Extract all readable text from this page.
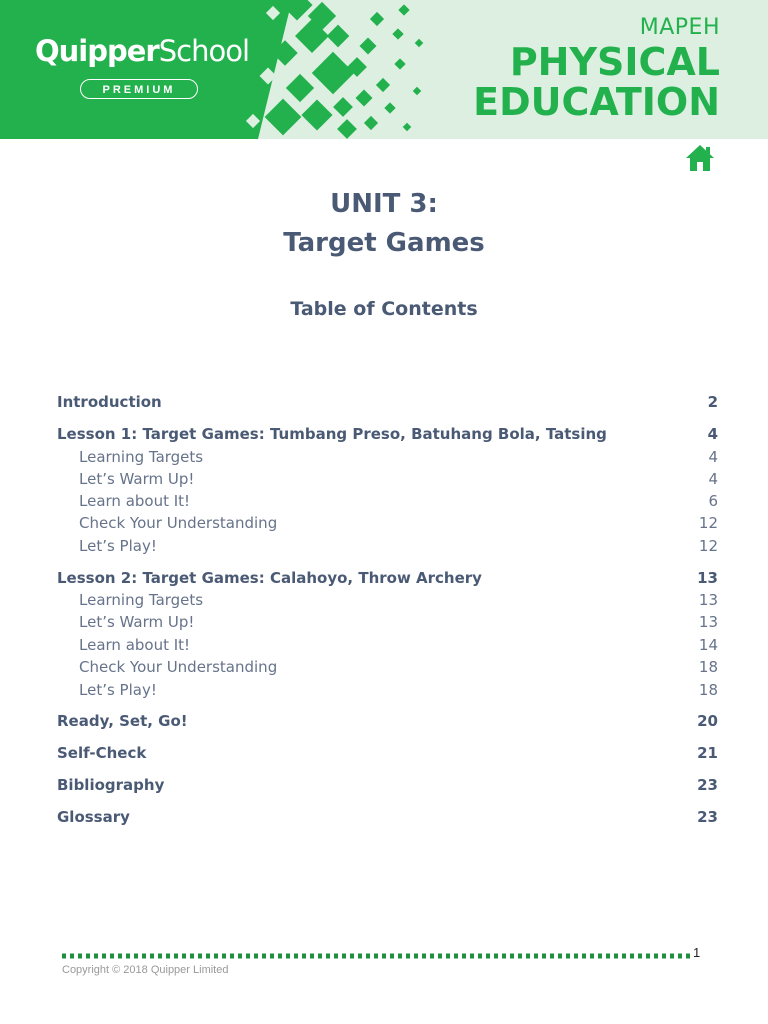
QuipperSchool
PREMIUM
MAPEH
PHYSICAL
EDUCATION
UNIT 3:
Target Games
Table of Contents
Introduction	2
Lesson 1: Target Games: Tumbang Preso, Batuhang Bola, Tatsing	4
Learning Targets	4
Let’s Warm Up!	4
Learn about It!	6
Check Your Understanding	12
Let’s Play!	12
Lesson 2: Target Games: Calahoyo, Throw Archery	13
Learning Targets	13
Let’s Warm Up!	13
Learn about It!	14
Check Your Understanding	18
Let’s Play!	18
Ready, Set, Go!	20
Self-Check	21
Bibliography	23
Glossary	23
1
Copyright © 2018 Quipper Limited
